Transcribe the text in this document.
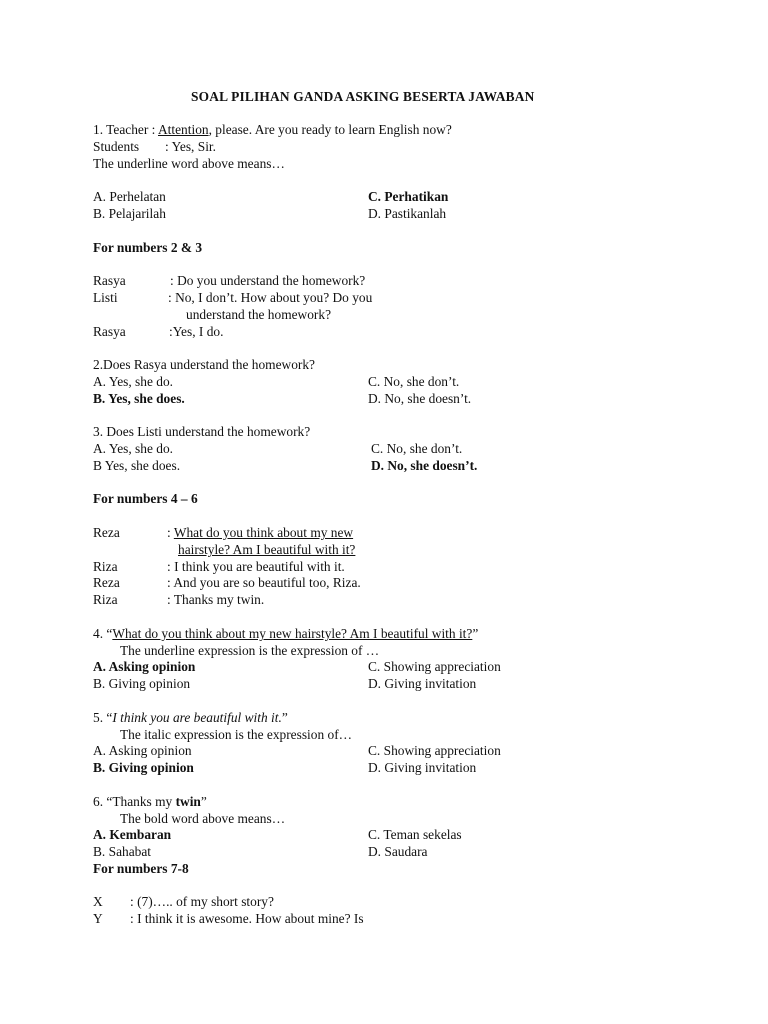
SOAL PILIHAN GANDA ASKING BESERTA JAWABAN
1. Teacher : Attention, please. Are you ready to learn English now?
Students : Yes, Sir.
The underline word above means…
A. Perhelatan	C. Perhatikan
B. Pelajarilah	D. Pastikanlah
For numbers 2 & 3
Rasya	: Do you understand the homework?
Listi	: No, I don’t. How about you? Do you
understand the homework?
Rasya	:Yes, I do.
2.Does Rasya understand the homework?
A. Yes, she do.	C. No, she don’t.
B. Yes, she does.	D. No, she doesn’t.
3. Does Listi understand the homework?
A. Yes, she do.	C. No, she don’t.
B Yes, she does.	D. No, she doesn’t.
For numbers 4 – 6
Reza	: What do you think about my new
hairstyle? Am I beautiful with it?
Riza	: I think you are beautiful with it.
Reza	: And you are so beautiful too, Riza.
Riza	: Thanks my twin.
4. “What do you think about my new hairstyle? Am I beautiful with it?”
The underline expression is the expression of …
A. Asking opinion	C. Showing appreciation
B. Giving opinion	D. Giving invitation
5. “I think you are beautiful with it.”
The italic expression is the expression of…
A. Asking opinion	C. Showing appreciation
B. Giving opinion	D. Giving invitation
6. “Thanks my twin”
The bold word above means…
A. Kembaran	C. Teman sekelas
B. Sahabat	D. Saudara
For numbers 7-8
X : (7)….. of my short story?
Y : I think it is awesome. How about mine? Is
